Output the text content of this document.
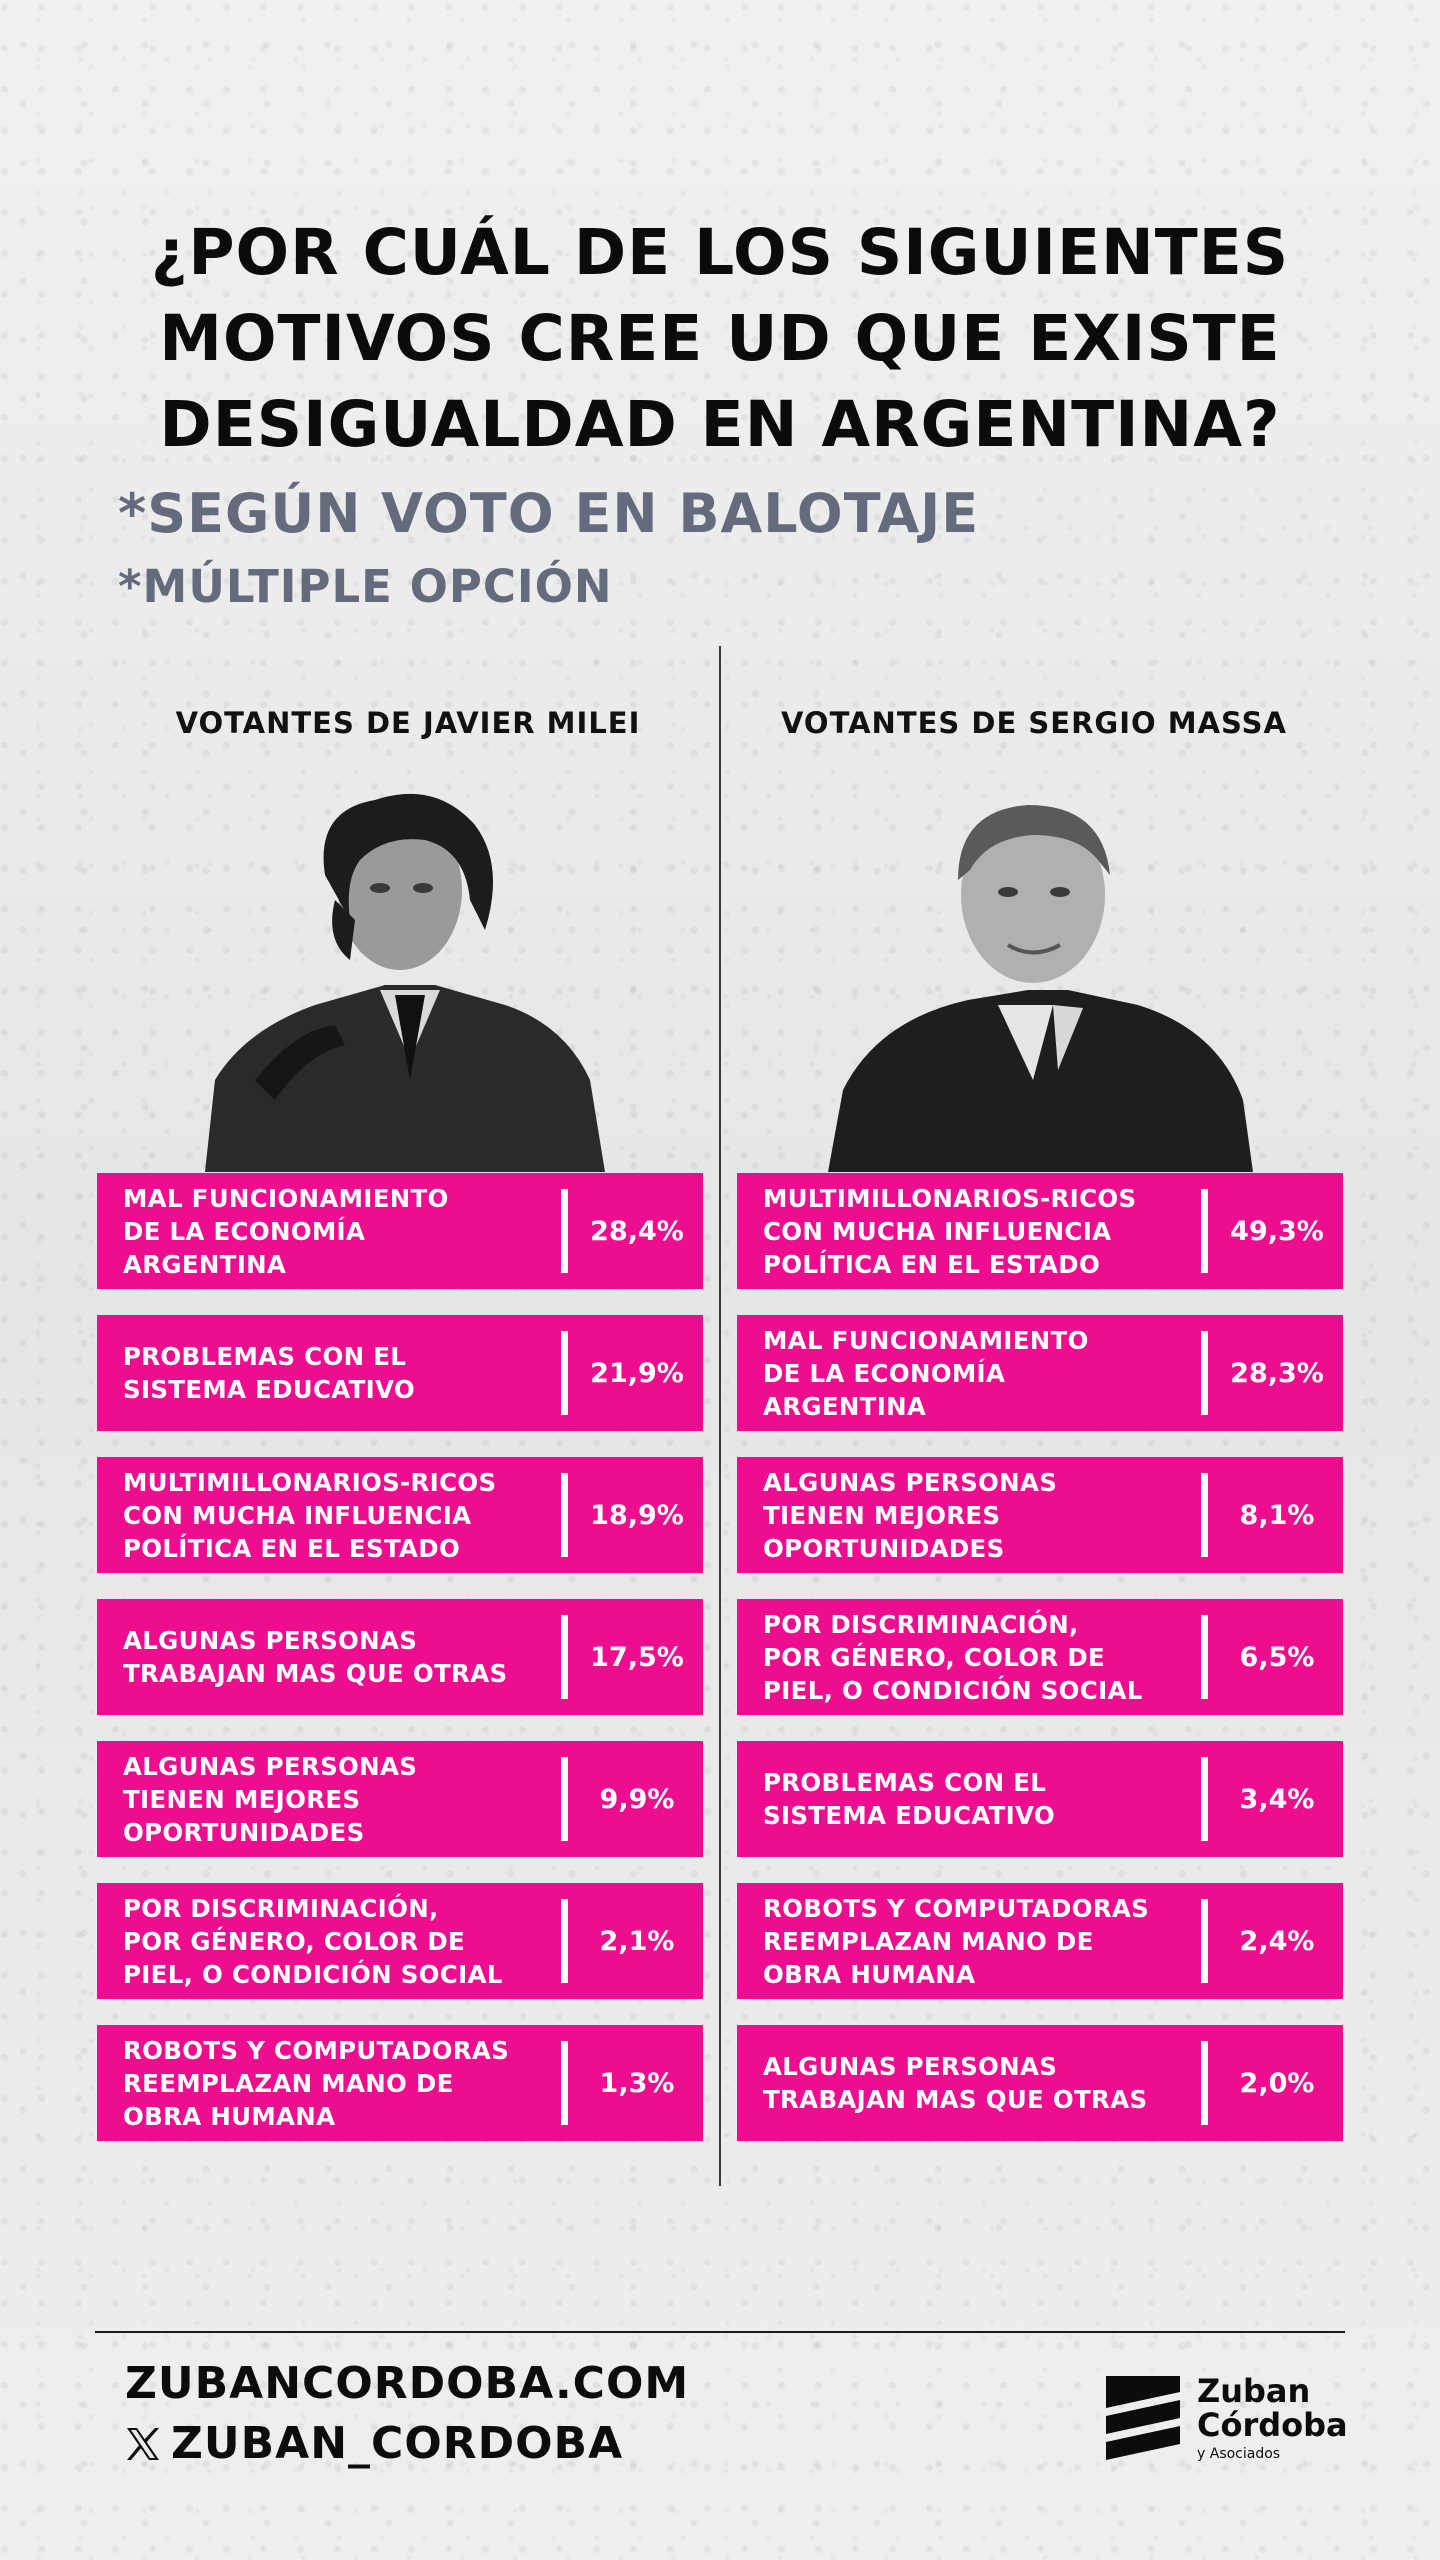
¿POR CUÁL DE LOS SIGUIENTES
MOTIVOS CREE UD QUE EXISTE
DESIGUALDAD EN ARGENTINA?
*SEGÚN VOTO EN BALOTAJE
*MÚLTIPLE OPCIÓN
VOTANTES DE JAVIER MILEI	VOTANTES DE SERGIO MASSA
MAL FUNCIONAMIENTO
DE LA ECONOMÍA
ARGENTINA
28,4%
PROBLEMAS CON EL
SISTEMA EDUCATIVO
21,9%
MULTIMILLONARIOS-RICOS
CON MUCHA INFLUENCIA
POLÍTICA EN EL ESTADO
18,9%
ALGUNAS PERSONAS
TRABAJAN MAS QUE OTRAS
17,5%
ALGUNAS PERSONAS
TIENEN MEJORES
OPORTUNIDADES
9,9%
POR DISCRIMINACIÓN,
POR GÉNERO, COLOR DE
PIEL, O CONDICIÓN SOCIAL
2,1%
ROBOTS Y COMPUTADORAS
REEMPLAZAN MANO DE
OBRA HUMANA
1,3%
MULTIMILLONARIOS-RICOS
CON MUCHA INFLUENCIA
POLÍTICA EN EL ESTADO
49,3%
MAL FUNCIONAMIENTO
DE LA ECONOMÍA
ARGENTINA
28,3%
ALGUNAS PERSONAS
TIENEN MEJORES
OPORTUNIDADES
8,1%
POR DISCRIMINACIÓN,
POR GÉNERO, COLOR DE
PIEL, O CONDICIÓN SOCIAL
6,5%
PROBLEMAS CON EL
SISTEMA EDUCATIVO
3,4%
ROBOTS Y COMPUTADORAS
REEMPLAZAN MANO DE
OBRA HUMANA
2,4%
ALGUNAS PERSONAS
TRABAJAN MAS QUE OTRAS
2,0%
ZUBANCORDOBA.COM
ZUBAN_CORDOBA
Zuban
Córdoba
y Asociados
